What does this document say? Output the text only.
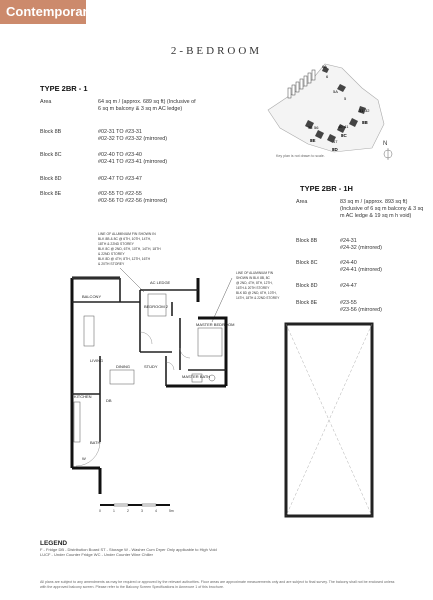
Contemporary
2-BEDROOM
TYPE 2BR - 1
Area	64 sq m / (approx. 689 sq ft) (Inclusive of 6 sq m balcony & 3 sq m AC ledge)
Block 8B	#02-31 TO #23-31
#02-32 TO #23-32 (mirrored)
Block 8C	#02-40 TO #23-40
#02-41 TO #23-41 (mirrored)
Block 8D	#02-47 TO #23-47
Block 8E	#02-55 TO #22-55
#02-56 TO #22-56 (mirrored)
6A
6
5A
5
55 56
8E	47
8D
40 41
8C
31 32
8B
Key plan is not drawn to scale.
N
TYPE 2BR - 1H
Area	83 sq m / (approx. 893 sq ft) (Inclusive of 6 sq m balcony & 3 sq m AC ledge & 19 sq m h void)
Block 8B	#24-31
#24-32 (mirrored)
Block 8C	#24-40
#24-41 (mirrored)
Block 8D	#24-47
Block 8E	#23-55
#23-56 (mirrored)
LINE OF ALUMINIUM FIN SHOWN IN BLK 8B & 8C @ 6TH, 10TH, 14TH, 18TH & 22ND STOREY BLK 8C @ 2ND, 6TH, 10TH, 14TH, 18TH & 22ND STOREY BLK 8D @ 4TH, 8TH, 12TH, 16TH & 20TH STOREY
LINE OF ALUMINIUM FIN SHOWN IN BLK 8B, 8C @ 2ND, 4TH, 8TH, 12TH, 16TH & 20TH STOREY BLK 8D @ 2ND, 6TH, 10TH, 14TH, 18TH & 22ND STOREY
BALCONY
AC LEDGE
BEDROOM 2
LIVING
MASTER BEDROOM
DINING	STUDY
MASTER BATH
KITCHEN
BATH
W
DB
0	1	2	3	4	5m
LEGEND
F - Fridge DB - Distribution Board ST - Storage W - Washer Cum Dryer Only applicable to High Void
LUCF - Under Counter Fridge WC - Under Counter Wine Chiller
All plans are subject to any amendments as may be required or approved by the relevant authorities. Floor areas are approximate measurements only and are subject to final survey. The balcony shall not be enclosed unless with the approved balcony screen. Please refer to the Balcony Screen Specifications in Annexure 1 of this brochure.
